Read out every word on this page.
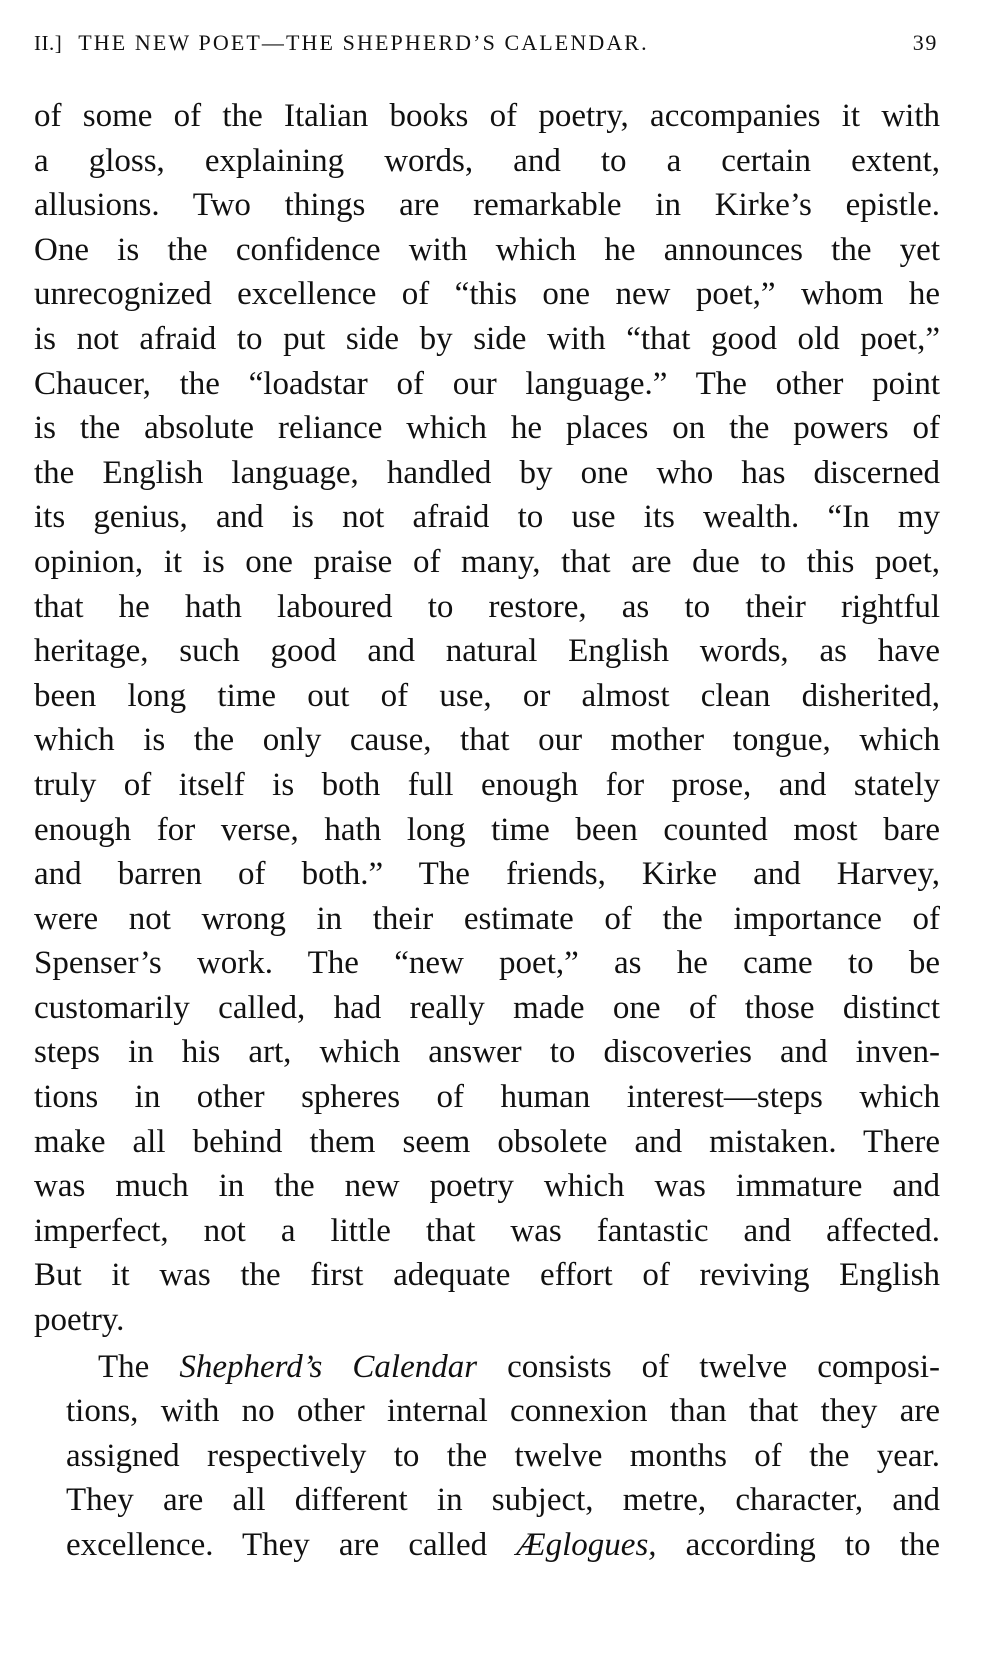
II.] THE NEW POET—THE SHEPHERD’S CALENDAR.	39
of some of the Italian books of poetry, accompanies it with
a gloss, explaining words, and to a certain extent,
allusions. Two things are remarkable in Kirke’s epistle.
One is the confidence with which he announces the yet
unrecognized excellence of “this one new poet,” whom he
is not afraid to put side by side with “that good old poet,”
Chaucer, the “loadstar of our language.” The other point
is the absolute reliance which he places on the powers of
the English language, handled by one who has discerned
its genius, and is not afraid to use its wealth. “In my
opinion, it is one praise of many, that are due to this poet,
that he hath laboured to restore, as to their rightful
heritage, such good and natural English words, as have
been long time out of use, or almost clean disherited,
which is the only cause, that our mother tongue, which
truly of itself is both full enough for prose, and stately
enough for verse, hath long time been counted most bare
and barren of both.” The friends, Kirke and Harvey,
were not wrong in their estimate of the importance of
Spenser’s work. The “new poet,” as he came to be
customarily called, had really made one of those distinct
steps in his art, which answer to discoveries and inven-
tions in other spheres of human interest—steps which
make all behind them seem obsolete and mistaken. There
was much in the new poetry which was immature and
imperfect, not a little that was fantastic and affected.
But it was the first adequate effort of reviving English
poetry.
The Shepherd’s Calendar consists of twelve composi-
tions, with no other internal connexion than that they are
assigned respectively to the twelve months of the year.
They are all different in subject, metre, character, and
excellence. They are called Æglogues, according to the
